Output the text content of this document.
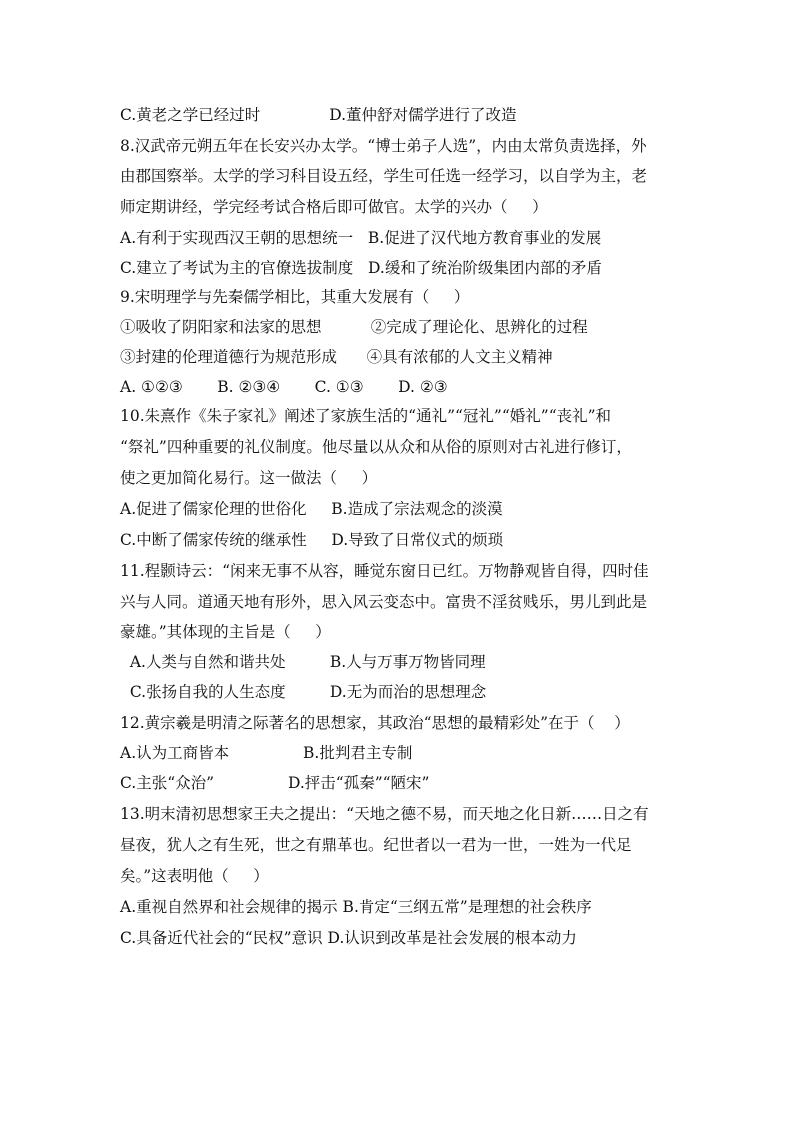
C.黄老之学已经过时              D.董仲舒对儒学进行了改造
8.汉武帝元朔五年在长安兴办太学。“博士弟子人选”，内由太常负责选择，外
由郡国察举。太学的学习科目设五经，学生可任选一经学习，以自学为主，老
师定期讲经，学完经考试合格后即可做官。太学的兴办（     ）
A.有利于实现西汉王朝的思想统一   B.促进了汉代地方教育事业的发展
C.建立了考试为主的官僚选拔制度   D.缓和了统治阶级集团内部的矛盾
9.宋明理学与先秦儒学相比，其重大发展有（     ）
①吸收了阴阳家和法家的思想          ②完成了理论化、思辨化的过程
③封建的伦理道德行为规范形成      ④具有浓郁的人文主义精神
A. ①②③       B. ②③④       C. ①③       D. ②③
10.朱熹作《朱子家礼》阐述了家族生活的“通礼”“冠礼”“婚礼”“丧礼”和
“祭礼”四种重要的礼仪制度。他尽量以从众和从俗的原则对古礼进行修订，
使之更加简化易行。这一做法（     ）
A.促进了儒家伦理的世俗化     B.造成了宗法观念的淡漠
C.中断了儒家传统的继承性     D.导致了日常仪式的烦琐
11.程颢诗云：“闲来无事不从容，睡觉东窗日已红。万物静观皆自得，四时佳
兴与人同。道通天地有形外，思入风云变态中。富贵不淫贫贱乐，男儿到此是
豪雄。”其体现的主旨是（     ）
A.人类与自然和谐共处         B.人与万事万物皆同理
C.张扬自我的人生态度         D.无为而治的思想理念
12.黄宗羲是明清之际著名的思想家，其政治“思想的最精彩处”在于（    ）
A.认为工商皆本               B.批判君主专制
C.主张“众治”               D.抨击“孤秦”“陋宋”
13.明末清初思想家王夫之提出：“天地之德不易，而天地之化日新……日之有
昼夜，犹人之有生死，世之有鼎革也。纪世者以一君为一世，一姓为一代足
矣。”这表明他（     ）
A.重视自然界和社会规律的揭示 B.肯定“三纲五常”是理想的社会秩序
C.具备近代社会的“民权”意识 D.认识到改革是社会发展的根本动力
